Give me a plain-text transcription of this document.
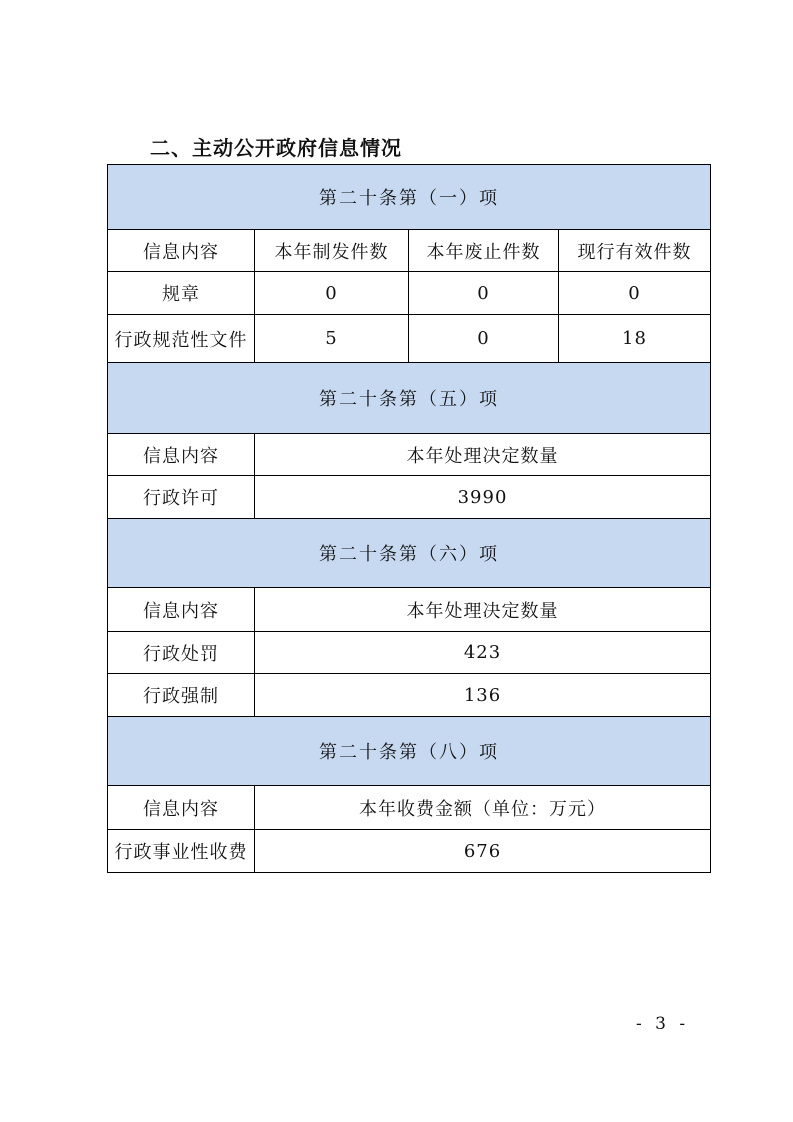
二、主动公开政府信息情况
第二十条第（一）项			
信息内容	本年制发件数	本年废止件数	现行有效件数
规章	0	0	0
行政规范性文件	5	0	18
第二十条第（五）项			
信息内容	本年处理决定数量		
行政许可	3990		
第二十条第（六）项			
信息内容	本年处理决定数量		
行政处罚	423		
行政强制	136		
第二十条第（八）项			
信息内容	本年收费金额（单位：万元）		
行政事业性收费	676		
- 3 -
